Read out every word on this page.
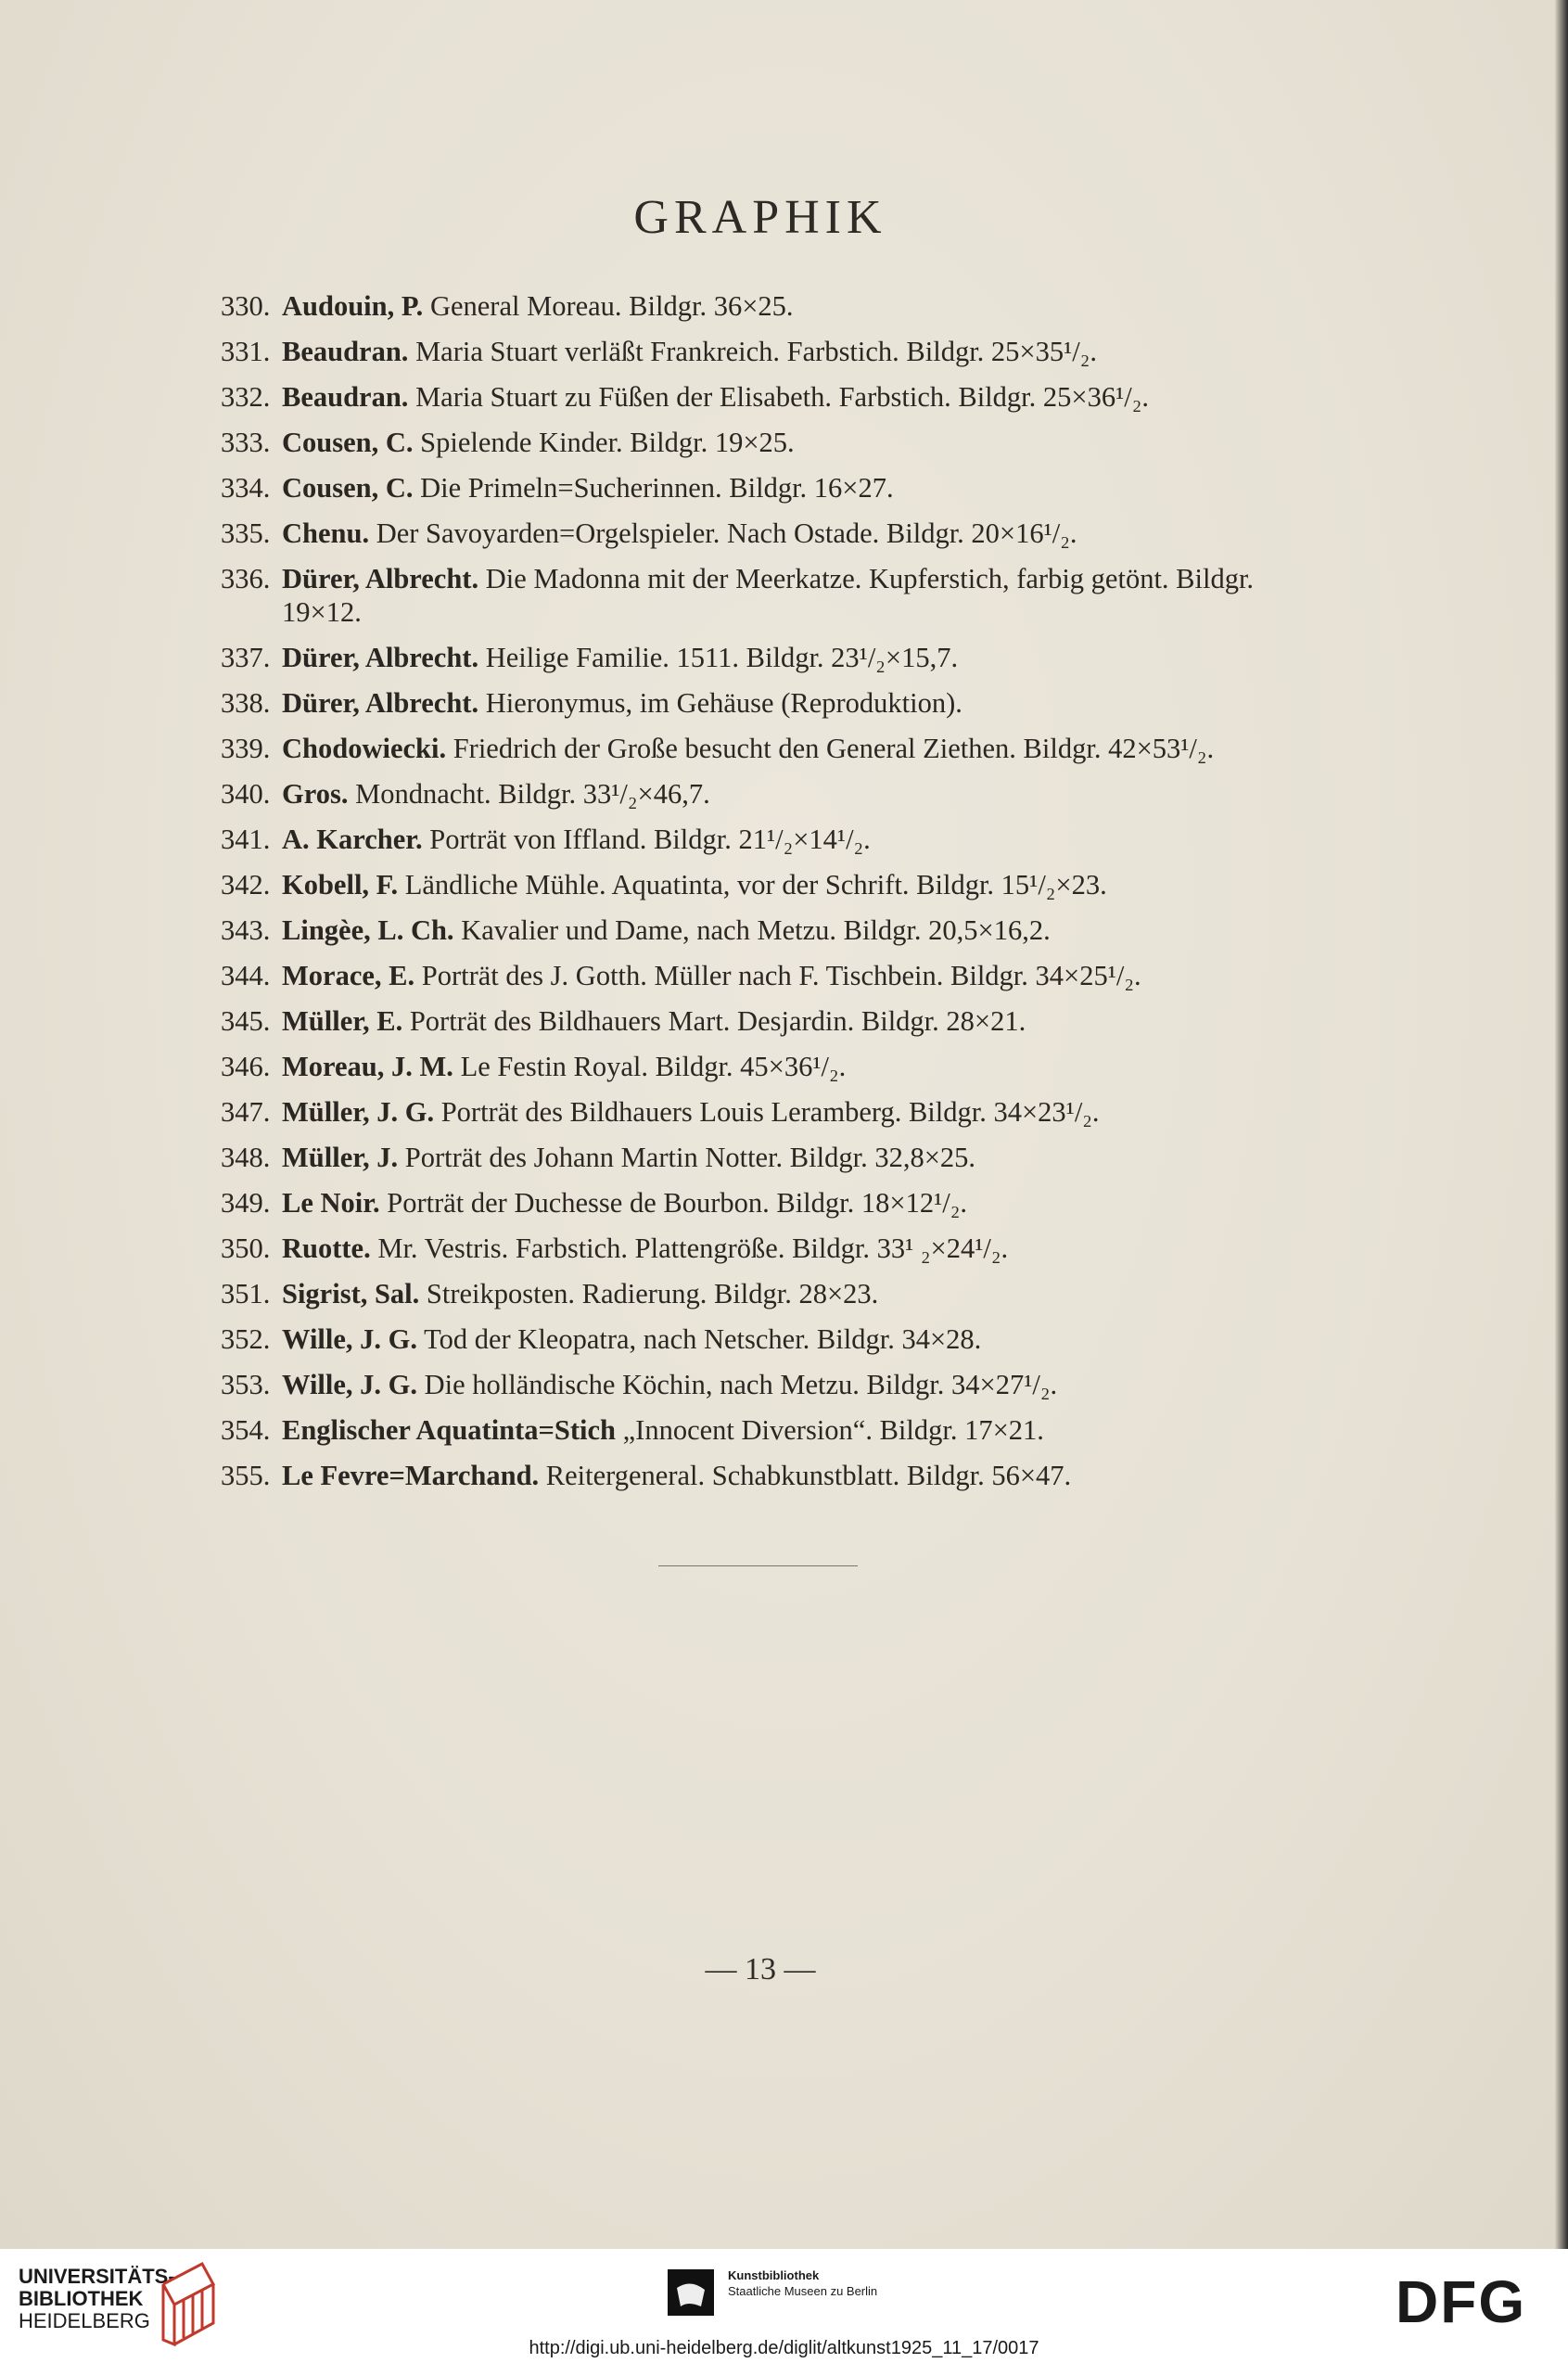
GRAPHIK
330. Audouin, P. General Moreau. Bildgr. 36×25.
331. Beaudran. Maria Stuart verläßt Frankreich. Farbstich. Bildgr. 25×35¹/₂.
332. Beaudran. Maria Stuart zu Füßen der Elisabeth. Farbstich. Bildgr. 25×36¹/₂.
333. Cousen, C. Spielende Kinder. Bildgr. 19×25.
334. Cousen, C. Die Primeln=Sucherinnen. Bildgr. 16×27.
335. Chenu. Der Savoyarden=Orgelspieler. Nach Ostade. Bildgr. 20×16¹/₂.
336. Dürer, Albrecht. Die Madonna mit der Meerkatze. Kupferstich, farbig getönt. Bildgr. 19×12.
337. Dürer, Albrecht. Heilige Familie. 1511. Bildgr. 23¹/₂×15,7.
338. Dürer, Albrecht. Hieronymus, im Gehäuse (Reproduktion).
339. Chodowiecki. Friedrich der Große besucht den General Ziethen. Bildgr. 42×53¹/₂.
340. Gros. Mondnacht. Bildgr. 33¹/₂×46,7.
341. A. Karcher. Porträt von Iffland. Bildgr. 21¹/₂×14¹/₂.
342. Kobell, F. Ländliche Mühle. Aquatinta, vor der Schrift. Bildgr. 15¹/₂×23.
343. Lingèe, L. Ch. Kavalier und Dame, nach Metzu. Bildgr. 20,5×16,2.
344. Morace, E. Porträt des J. Gotth. Müller nach F. Tischbein. Bildgr. 34×25¹/₂.
345. Müller, E. Porträt des Bildhauers Mart. Desjardin. Bildgr. 28×21.
346. Moreau, J. M. Le Festin Royal. Bildgr. 45×36¹/₂.
347. Müller, J. G. Porträt des Bildhauers Louis Leramberg. Bildgr. 34×23¹/₂.
348. Müller, J. Porträt des Johann Martin Notter. Bildgr. 32,8×25.
349. Le Noir. Porträt der Duchesse de Bourbon. Bildgr. 18×12¹/₂.
350. Ruotte. Mr. Vestris. Farbstich. Plattengröße. Bildgr. 33¹ ₂×24¹/₂.
351. Sigrist, Sal. Streikposten. Radierung. Bildgr. 28×23.
352. Wille, J. G. Tod der Kleopatra, nach Netscher. Bildgr. 34×28.
353. Wille, J. G. Die holländische Köchin, nach Metzu. Bildgr. 34×27¹/₂.
354. Englischer Aquatinta=Stich „Innocent Diversion“. Bildgr. 17×21.
355. Le Fevre=Marchand. Reitergeneral. Schabkunstblatt. Bildgr. 56×47.
— 13 —
UNIVERSITÄTS-
BIBLIOTHEK
HEIDELBERG
Kunstbibliothek
Staatliche Museen zu Berlin	DFG
http://digi.ub.uni-heidelberg.de/diglit/altkunst1925_11_17/0017
